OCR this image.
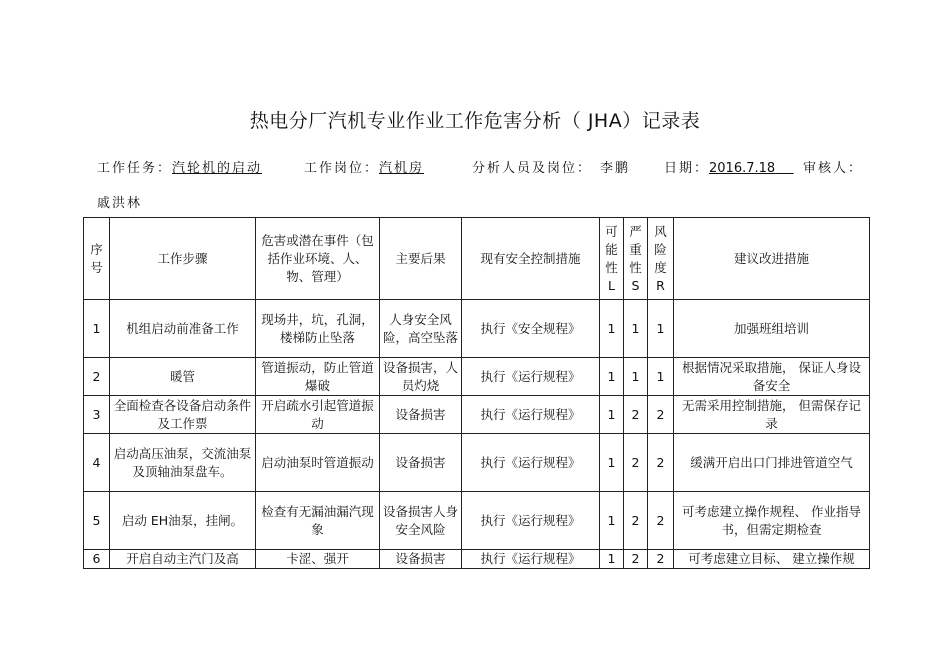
热电分厂汽机专业作业工作危害分析（ JHA）记录表
工作任务：汽轮机的启动	工作岗位：汽机房	分析人员及岗位： 李鹏	日期：2016.7.18	审核人：
戚洪林
序号	工作步骤	危害或潜在事件（包括作业环境、人、物、管理）	主要后果	现有安全控制措施	可能性L	严重性S	风险度R	建议改进措施
1	机组启动前准备工作	现场井，坑，孔洞，楼梯防止坠落	人身安全风险，高空坠落	执行《安全规程》	1	1	1	加强班组培训
2	暖管	管道振动，防止管道爆破	设备损害，人员灼烧	执行《运行规程》	1	1	1	根据情况采取措施， 保证人身设备安全
3	全面检查各设备启动条件及工作票	开启疏水引起管道振动	设备损害	执行《运行规程》	1	2	2	无需采用控制措施， 但需保存记录
4	启动高压油泵，交流油泵及顶轴油泵盘车。	启动油泵时管道振动	设备损害	执行《运行规程》	1	2	2	缓满开启出口门排进管道空气
5	启动 EH油泵，挂闸。	检查有无漏油漏汽现象	设备损害人身安全风险	执行《运行规程》	1	2	2	可考虑建立操作规程、 作业指导书，但需定期检查
6	开启自动主汽门及高	卡涩、强开	设备损害	执行《运行规程》	1	2	2	可考虑建立目标、 建立操作规
